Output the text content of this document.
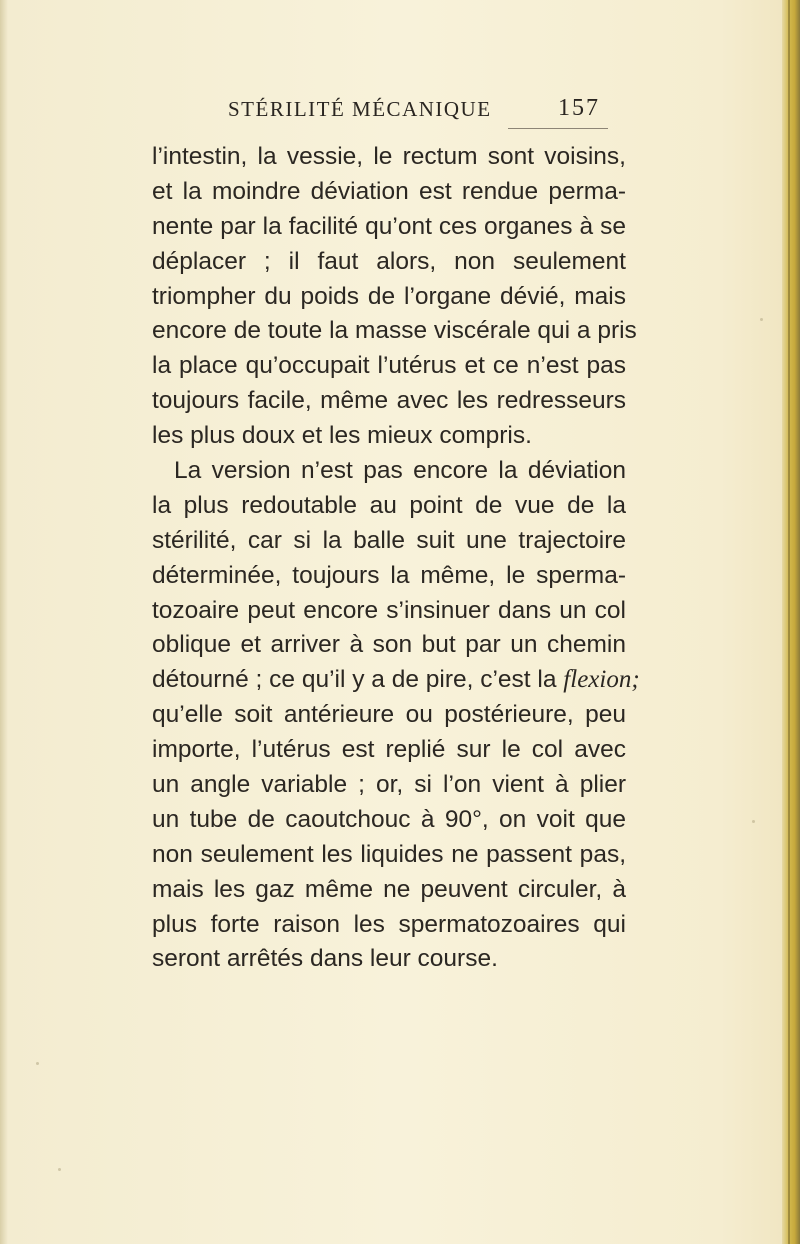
STÉRILITÉ MÉCANIQUE	157
l’intestin, la vessie, le rectum sont voisins,
et la moindre déviation est rendue perma-
nente par la facilité qu’ont ces organes à se
déplacer ; il faut alors, non seulement
triompher du poids de l’organe dévié, mais
encore de toute la masse viscérale qui a pris
la place qu’occupait l’utérus et ce n’est pas
toujours facile, même avec les redresseurs
les plus doux et les mieux compris.
La version n’est pas encore la déviation
la plus redoutable au point de vue de la
stérilité, car si la balle suit une trajectoire
déterminée, toujours la même, le sperma-
tozoaire peut encore s’insinuer dans un col
oblique et arriver à son but par un chemin
détourné ; ce qu’il y a de pire, c’est la flexion;
qu’elle soit antérieure ou postérieure, peu
importe, l’utérus est replié sur le col avec
un angle variable ; or, si l’on vient à plier
un tube de caoutchouc à 90°, on voit que
non seulement les liquides ne passent pas,
mais les gaz même ne peuvent circuler, à
plus forte raison les spermatozoaires qui
seront arrêtés dans leur course.
